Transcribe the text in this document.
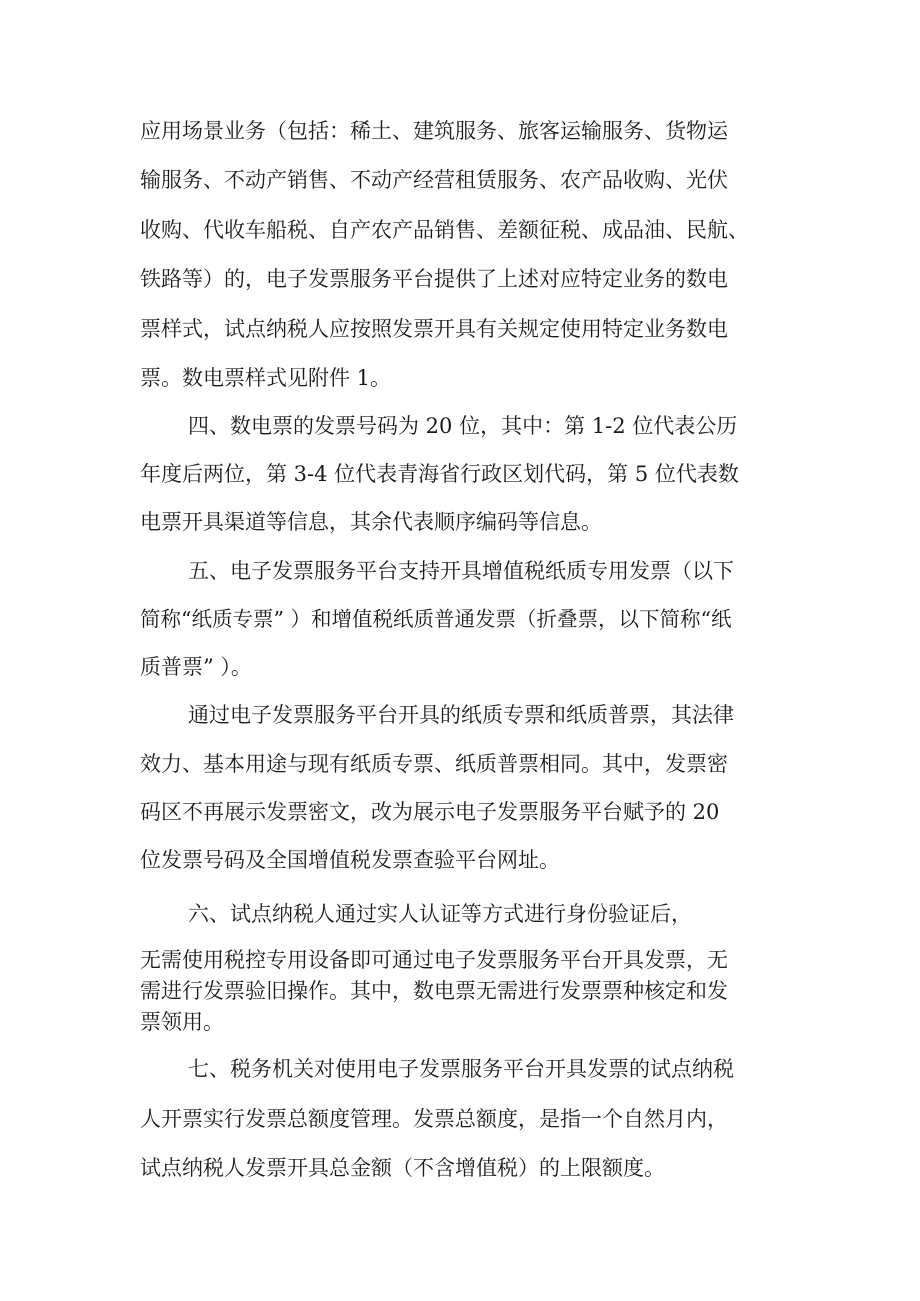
应用场景业务（包括：稀土、建筑服务、旅客运输服务、货物运

输服务、不动产销售、不动产经营租赁服务、农产品收购、光伏

收购、代收车船税、自产农产品销售、差额征税、成品油、民航、

铁路等）的，电子发票服务平台提供了上述对应特定业务的数电

票样式，试点纳税人应按照发票开具有关规定使用特定业务数电

票。数电票样式见附件 1。

四、数电票的发票号码为 20 位，其中：第 1-2 位代表公历

年度后两位，第 3-4 位代表青海省行政区划代码，第 5 位代表数

电票开具渠道等信息，其余代表顺序编码等信息。

五、电子发票服务平台支持开具增值税纸质专用发票（以下

简称“纸质专票” ）和增值税纸质普通发票（折叠票，以下简称“纸

质普票” ）。

通过电子发票服务平台开具的纸质专票和纸质普票，其法律

效力、基本用途与现有纸质专票、纸质普票相同。其中，发票密

码区不再展示发票密文，改为展示电子发票服务平台赋予的 20

位发票号码及全国增值税发票查验平台网址。

六、试点纳税人通过实人认证等方式进行身份验证后，

无需使用税控专用设备即可通过电子发票服务平台开具发票，无

需进行发票验旧操作。其中，数电票无需进行发票票种核定和发

票领用。

七、税务机关对使用电子发票服务平台开具发票的试点纳税

人开票实行发票总额度管理。发票总额度，是指一个自然月内，

试点纳税人发票开具总金额（不含增值税）的上限额度。
